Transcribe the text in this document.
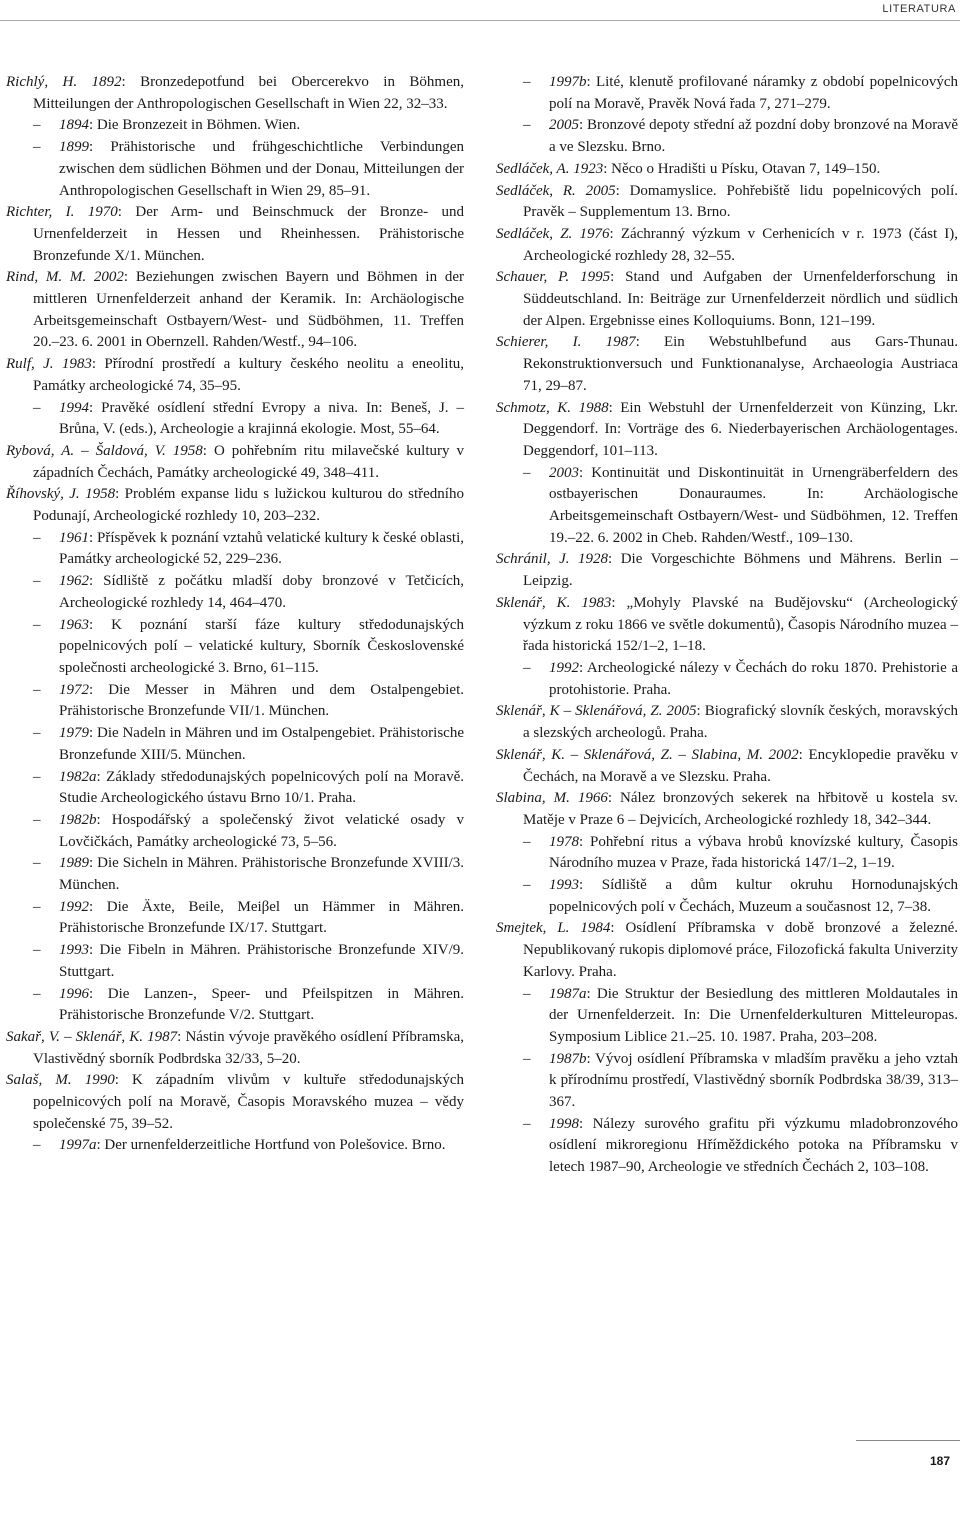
LITERATURA
Richlý, H. 1892: Bronzedepotfund bei Obercerekvo in Böhmen, Mitteilungen der Anthropologischen Gesellschaft in Wien 22, 32–33.
– 1894: Die Bronzezeit in Böhmen. Wien.
– 1899: Prähistorische und frühgeschichtliche Verbindungen zwischen dem südlichen Böhmen und der Donau, Mitteilungen der Anthropologischen Gesellschaft in Wien 29, 85–91.
Richter, I. 1970: Der Arm- und Beinschmuck der Bronze- und Urnenfelderzeit in Hessen und Rheinhessen. Prähistorische Bronzefunde X/1. München.
Rind, M. M. 2002: Beziehungen zwischen Bayern und Böhmen in der mittleren Urnenfelderzeit anhand der Keramik. In: Archäologische Arbeitsgemeinschaft Ostbayern/West- und Südböhmen, 11. Treffen 20.–23. 6. 2001 in Obernzell. Rahden/Westf., 94–106.
Rulf, J. 1983: Přírodní prostředí a kultury českého neolitu a eneolitu, Památky archeologické 74, 35–95.
– 1994: Pravěké osídlení střední Evropy a niva. In: Beneš, J. – Brůna, V. (eds.), Archeologie a krajinná ekologie. Most, 55–64.
Rybová, A. – Šaldová, V. 1958: O pohřebním ritu milavečské kultury v západních Čechách, Památky archeologické 49, 348–411.
Říhovský, J. 1958: Problém expanse lidu s lužickou kulturou do středního Podunají, Archeologické rozhledy 10, 203–232.
– 1961: Příspěvek k poznání vztahů velatické kultury k české oblasti, Památky archeologické 52, 229–236.
– 1962: Sídliště z počátku mladší doby bronzové v Tetčicích, Archeologické rozhledy 14, 464–470.
– 1963: K poznání starší fáze kultury středodunajských popelnicových polí – velatické kultury, Sborník Československé společnosti archeologické 3. Brno, 61–115.
– 1972: Die Messer in Mähren und dem Ostalpengebiet. Prähistorische Bronzefunde VII/1. München.
– 1979: Die Nadeln in Mähren und im Ostalpengebiet. Prähistorische Bronzefunde XIII/5. München.
– 1982a: Základy středodunajských popelnicových polí na Moravě. Studie Archeologického ústavu Brno 10/1. Praha.
– 1982b: Hospodářský a společenský život velatické osady v Lovčičkách, Památky archeologické 73, 5–56.
– 1989: Die Sicheln in Mähren. Prähistorische Bronzefunde XVIII/3. München.
– 1992: Die Äxte, Beile, Meiβel un Hämmer in Mähren. Prähistorische Bronzefunde IX/17. Stuttgart.
– 1993: Die Fibeln in Mähren. Prähistorische Bronzefunde XIV/9. Stuttgart.
– 1996: Die Lanzen-, Speer- und Pfeilspitzen in Mähren. Prähistorische Bronzefunde V/2. Stuttgart.
Sakař, V. – Sklenář, K. 1987: Nástin vývoje pravěkého osídlení Příbramska, Vlastivědný sborník Podbrdska 32/33, 5–20.
Salaš, M. 1990: K západním vlivům v kultuře středodunajských popelnicových polí na Moravě, Časopis Moravského muzea – vědy společenské 75, 39–52.
– 1997a: Der urnenfelderzeitliche Hortfund von Polešovice. Brno.
– 1997b: Lité, klenutě profilované náramky z období popelnicových polí na Moravě, Pravěk Nová řada 7, 271–279.
– 2005: Bronzové depoty střední až pozdní doby bronzové na Moravě a ve Slezsku. Brno.
Sedláček, A. 1923: Něco o Hradišti u Písku, Otavan 7, 149–150.
Sedláček, R. 2005: Domamyslice. Pohřebiště lidu popelnicových polí. Pravěk – Supplementum 13. Brno.
Sedláček, Z. 1976: Záchranný výzkum v Cerhenicích v r. 1973 (část I), Archeologické rozhledy 28, 32–55.
Schauer, P. 1995: Stand und Aufgaben der Urnenfelderforschung in Süddeutschland. In: Beiträge zur Urnenfelderzeit nördlich und südlich der Alpen. Ergebnisse eines Kolloquiums. Bonn, 121–199.
Schierer, I. 1987: Ein Webstuhlbefund aus Gars-Thunau. Rekonstruktionversuch und Funktionanalyse, Archaeologia Austriaca 71, 29–87.
Schmotz, K. 1988: Ein Webstuhl der Urnenfelderzeit von Künzing, Lkr. Deggendorf. In: Vorträge des 6. Niederbayerischen Archäologentages. Deggendorf, 101–113.
– 2003: Kontinuität und Diskontinuität in Urnengräberfeldern des ostbayerischen Donauraumes. In: Archäologische Arbeitsgemeinschaft Ostbayern/West- und Südböhmen, 12. Treffen 19.–22. 6. 2002 in Cheb. Rahden/Westf., 109–130.
Schránil, J. 1928: Die Vorgeschichte Böhmens und Mährens. Berlin – Leipzig.
Sklenář, K. 1983: „Mohyly Plavské na Budějovsku“ (Archeologický výzkum z roku 1866 ve světle dokumentů), Časopis Národního muzea – řada historická 152/1–2, 1–18.
– 1992: Archeologické nálezy v Čechách do roku 1870. Prehistorie a protohistorie. Praha.
Sklenář, K – Sklenářová, Z. 2005: Biografický slovník českých, moravských a slezských archeologů. Praha.
Sklenář, K. – Sklenářová, Z. – Slabina, M. 2002: Encyklopedie pravěku v Čechách, na Moravě a ve Slezsku. Praha.
Slabina, M. 1966: Nález bronzových sekerek na hřbitově u kostela sv. Matěje v Praze 6 – Dejvicích, Archeologické rozhledy 18, 342–344.
– 1978: Pohřební ritus a výbava hrobů knovízské kultury, Časopis Národního muzea v Praze, řada historická 147/1–2, 1–19.
– 1993: Sídliště a dům kultur okruhu Hornodunajských popelnicových polí v Čechách, Muzeum a současnost 12, 7–38.
Smejtek, L. 1984: Osídlení Příbramska v době bronzové a železné. Nepublikovaný rukopis diplomové práce, Filozofická fakulta Univerzity Karlovy. Praha.
– 1987a: Die Struktur der Besiedlung des mittleren Moldautales in der Urnenfelderzeit. In: Die Urnenfelderkulturen Mitteleuropas. Symposium Liblice 21.–25. 10. 1987. Praha, 203–208.
– 1987b: Vývoj osídlení Příbramska v mladším pravěku a jeho vztah k přírodnímu prostředí, Vlastivědný sborník Podbrdska 38/39, 313–367.
– 1998: Nálezy surového grafitu při výzkumu mladobronzového osídlení mikroregionu Hříměždického potoka na Příbramsku v letech 1987–90, Archeologie ve středních Čechách 2, 103–108.
187
